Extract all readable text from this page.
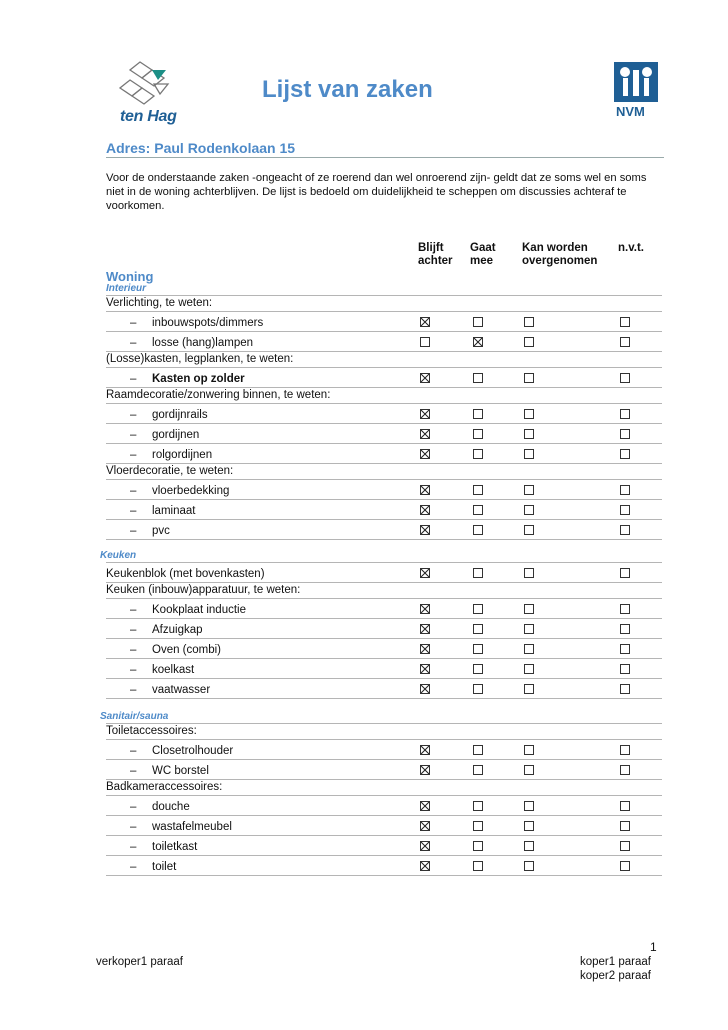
ten Hag
Lijst van zaken
NVM
Adres: Paul Rodenkolaan 15
Voor de onderstaande zaken -ongeacht of ze roerend dan wel onroerend zijn- geldt dat ze soms wel en soms niet in de woning achterblijven. De lijst is bedoeld om duidelijkheid te scheppen om discussies achteraf te voorkomen.
Blijft
achter
Gaat
mee
Kan worden
overgenomen
n.v.t.
Woning
Interieur
Verlichting, te weten:
– inbouwspots/dimmers
– losse (hang)lampen
(Losse)kasten, legplanken, te weten:
– Kasten op zolder
Raamdecoratie/zonwering binnen, te weten:
– gordijnrails
– gordijnen
– rolgordijnen
Vloerdecoratie, te weten:
– vloerbedekking
– laminaat
– pvc
Keuken
Keukenblok (met bovenkasten)
Keuken (inbouw)apparatuur, te weten:
– Kookplaat inductie
– Afzuigkap
– Oven (combi)
– koelkast
– vaatwasser
Sanitair/sauna
Toiletaccessoires:
– Closetrolhouder
– WC borstel
Badkameraccessoires:
– douche
– wastafelmeubel
– toiletkast
– toilet
1
verkoper1 paraaf	koper1 paraaf
koper2 paraaf
